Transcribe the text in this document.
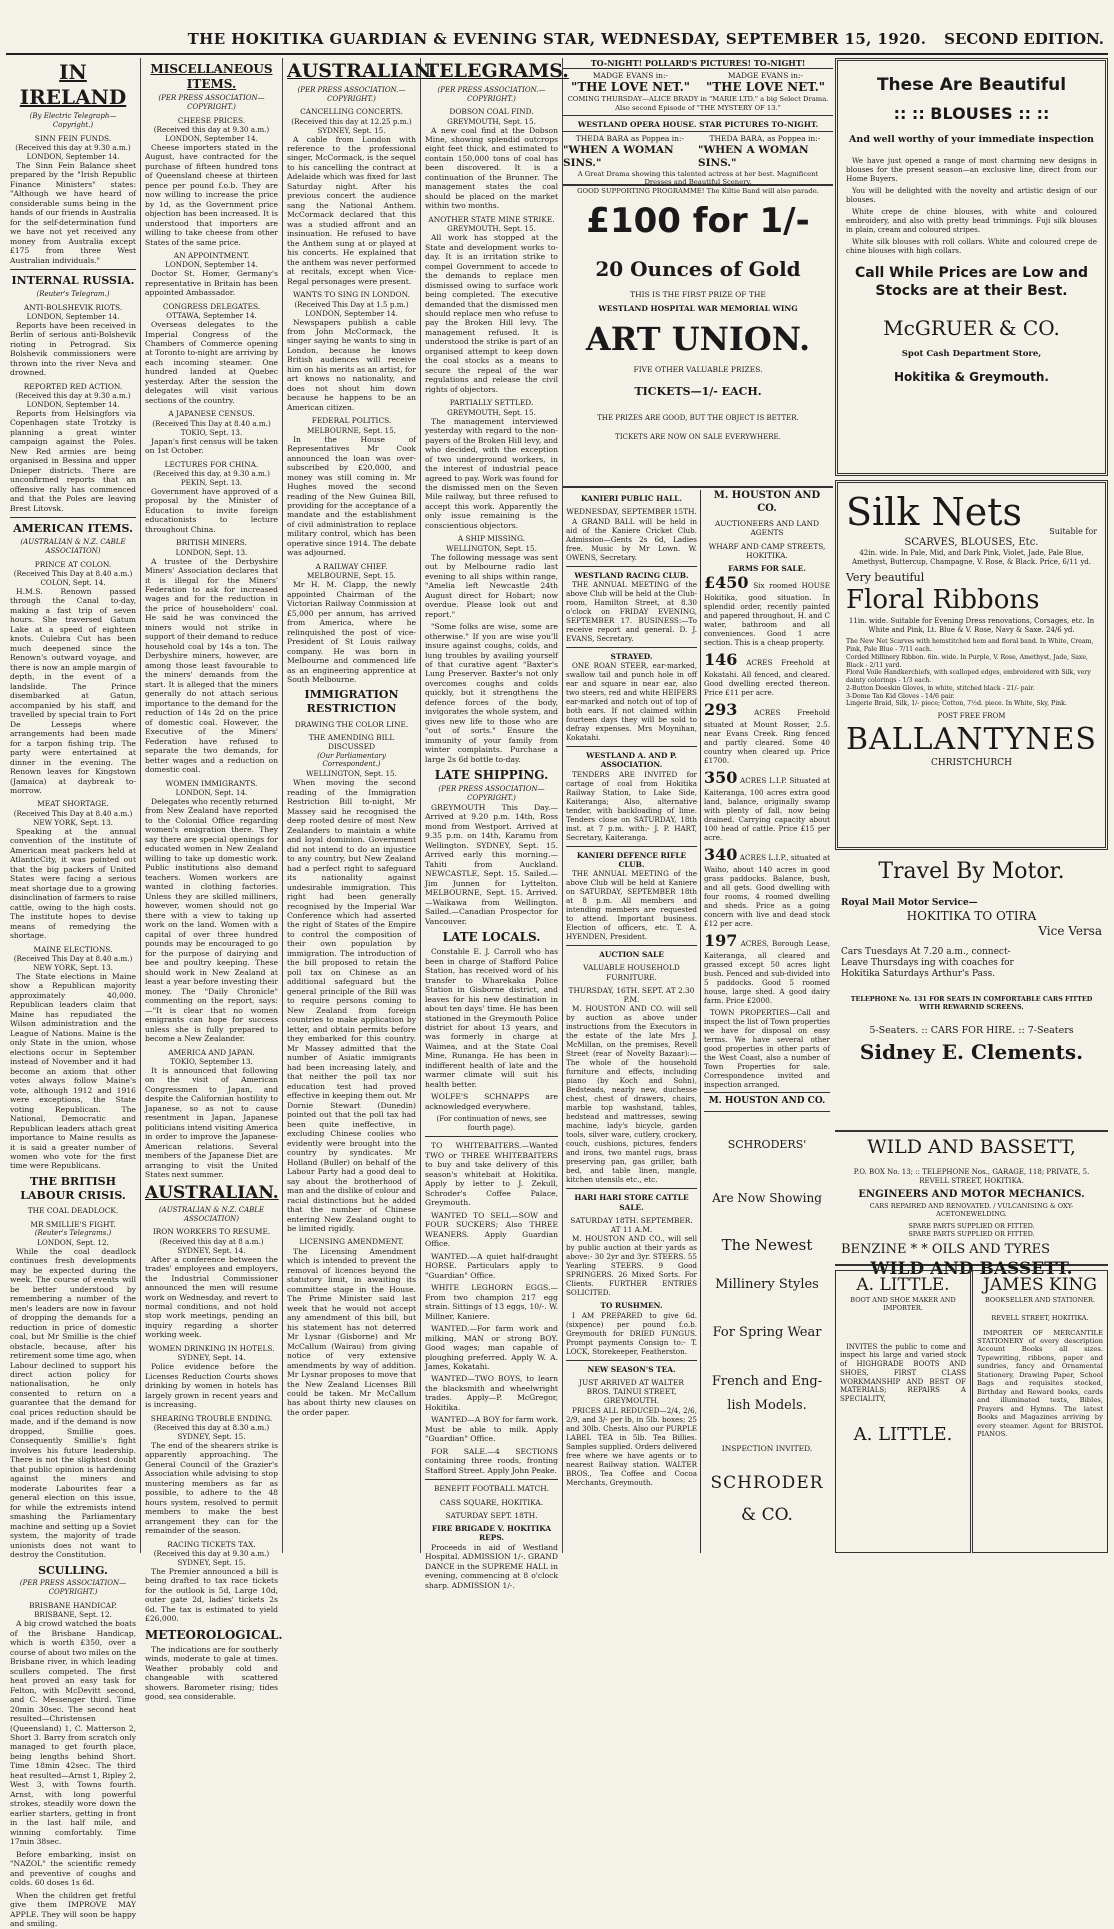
THE HOKITIKA GUARDIAN & EVENING STAR, WEDNESDAY, SEPTEMBER 15, 1920.	SECOND EDITION.
IN IRELAND
(By Electric Telegraph—Copyright.)
SINN FEIN FUNDS.
(Received this day at 9.30 a.m.)
LONDON, September 14.

The Sinn Fein Balance sheet prepared by the "Irish Republic Finance Ministers" states: "Although we have heard of considerable sums being in the hands of our friends in Australia for the self-determination fund we have not yet received any money from Australia except £175 from three West Australian individuals."

INTERNAL RUSSIA.
(Reuter's Telegram.)
ANTI-BOLSHEVIK RIOTS.
LONDON, September 14.

Reports have been received in Berlin of serious anti-Bolshevik rioting in Petrograd. Six Bolshevik commissioners were thrown into the river Neva and drowned.

REPORTED RED ACTION.
(Received this day at 9.30 a.m.)
LONDON, September 14.

Reports from Helsingfors via Copenhagen state Trotzky is planning a great winter campaign against the Poles. New Red armies are being organised in Bessina and upper Dnieper districts. There are unconfirmed reports that an offensive rally has commenced and that the Poles are leaving Brest Litovsk.

AMERICAN ITEMS.
(AUSTRALIAN & N.Z. CABLE ASSOCIATION)
PRINCE AT COLON.
(Received This Day at 8.40 a.m.)
COLON, Sept. 14.

H.M.S. Renown passed through the Canal to-day, making a fast trip of seven hours. She traversed Gatum Lake at a speed of eighteen knots. Culebra Cut has been much deepened since the Renown's outward voyage, and there is now an ample margin of depth, in the event of a landslide. The Prince disembarked at Gatun, accompanied by his staff, and travelled by special train to Fort De Lesseps where arrangements had been made for a tarpon fishing trip. The party were entertained at dinner in the evening. The Renown leaves for Kingstown (Jamaica) at daybreak to-morrow.

MEAT SHORTAGE.
(Received This Day at 8.40 a.m.)
NEW YORK, Sept. 13.

Speaking at the annual convention of the institute of American meat packers held at AtlanticCity, it was pointed out that the big packers of United States were facing a serious meat shortage due to a growing disinclination of farmers to raise cattle, owing to the high costs. The institute hopes to devise means of remedying the shortage.

MAINE ELECTIONS.
(Received This Day at 8.40 a.m.)
NEW YORK, Sept. 13.

The State elections in Maine show a Republican majority approximately 40,000. Republican leaders claim that Maine has repudiated the Wilson administration and the League of Nations. Maine is the only State in the union, whose elections occur in September instead of November and it had become an axiom that other votes always follow Maine's vote, although 1912 and 1916 were exceptions, the State voting Republican. The National, Democratic and Republican leaders attach great importance to Maine results as it is said a greater number of women who vote for the first time were Republicans.

THE BRITISH LABOUR CRISIS.
THE COAL DEADLOCK.
MR SMILLIE'S FIGHT.
(Reuter's Telegrams.)
LONDON, Sept. 12.

While the coal deadlock continues fresh developments may be expected during the week. The course of events will be better understood by remembering a number of the men's leaders are now in favour of dropping the demands for a reduction in price of domestic coal, but Mr Smillie is the chief obstacle, because, after his retirement some time ago, when Labour declined to support his direct action policy for nationalisation, he only consented to return on a guarantee that the demand for coal prices reduction should be made, and if the demand is now dropped, Smillie goes. Consequently Smillie's fight involves his future leadership. There is not the slightest doubt that public opinion is hardening against the miners and moderate Labourites fear a general election on this issue, for while the extremists intend smashing the Parliamentary machine and setting up a Soviet system, the majority of trade unionists does not want to destroy the Constitution.

SCULLING.
(PER PRESS ASSOCIATION—COPYRIGHT.)
BRISBANE HANDICAP.
BRISBANE, Sept. 12.

A big crowd watched the boats of the Brisbane Handicap, which is worth £350, over a course of about two miles on the Brisbane river, in which leading scullers competed. The first heat proved an easy task for Felton, with McDevitt second, and C. Messenger third. Time 20min 30sec. The second heat resulted—Christensen (Queensland) 1, C. Matterson 2, Short 3. Barry from scratch only managed to get fourth place, being lengths behind Short. Time 18min 42sec. The third heat resulted—Arnst 1, Ripley 2, West 3, with Towns fourth. Arnst, with long powerful strokes, steadily wore down the earlier starters, getting in front in the last half mile, and winning comfortably. Time 17min 38sec.

Before embarking, insist on "NAZOL" the scientific remedy and preventive of coughs and colds. 60 doses 1s 6d.

When the children get fretful give them IMPROVE MAY APPLE. They will soon be happy and smiling.

MISCELLANEOUS ITEMS.
(PER PRESS ASSOCIATION—COPYRIGHT.)
CHEESE PRICES.
(Received this day at 9.30 a.m.)
LONDON, September 14.

Cheese importers stated in the August, have contracted for the purchase of fifteen hundred tons of Queensland cheese at thirteen pence per pound f.o.b. They are now willing to increase the price by 1d, as the Government price objection has been increased. It is understood that importers are willing to take cheese from other States of the same price.

AN APPOINTMENT.
LONDON, September 14.

Doctor St. Homer, Germany's representative in Britain has been appointed Ambassador.

CONGRESS DELEGATES.
OTTAWA, September 14.

Overseas delegates to the Imperial Congress of the Chambers of Commerce opening at Toronto to-night are arriving by each incoming steamer. One hundred landed at Quebec yesterday. After the session the delegates will visit various sections of the country.

A JAPANESE CENSUS.
(Received This Day at 8.40 a.m.)
TOKIO, Sept. 13.

Japan's first census will be taken on 1st October.

LECTURES FOR CHINA.
(Received this day, at 9.30 a.m.)
PEKIN, Sept. 13.

Government have approved of a proposal by the Minister of Education to invite foreign educationists to lecture throughout China.

BRITISH MINERS.
LONDON, Sept. 13.

A trustee of the Derbyshire Miners' Association declares that it is illegal for the Miners' Federation to ask for increased wages and for the reduction in the price of householders' coal. He said he was convinced the miners would not strike in support of their demand to reduce household coal by 14s a ton. The Derbyshire miners, however, are among those least favourable to the miners' demands from the start. It is alleged that the miners generally do not attach serious importance to the demand for the reduction of 14s 2d on the price of domestic coal. However, the Executive of the Miners' Federation have refused to separate the two demands, for better wages and a reduction on domestic coal.

WOMEN IMMIGRANTS.
LONDON, Sept. 14.

Delegates who recently returned from New Zealand have reported to the Colonial Office regarding women's emigration there. They say there are special openings for educated women in New Zealand willing to take up domestic work. Public institutions also demand teachers. Women workers are wanted in clothing factories. Unless they are skilled milliners, however, women should not go there with a view to taking up work on the land. Women with a capital of over three hundred pounds may be encouraged to go for the purpose of dairying and bee and poultry keeping. These should work in New Zealand at least a year before investing their money. The "Daily Chronicle" commenting on the report, says:—"It is clear that no women emigrants can hope for success unless she is fully prepared to become a New Zealander.

AMERICA AND JAPAN.
TOKIO, September 13.

It is announced that following on the visit of American Congressmen to Japan, and despite the Californian hostility to Japanese, so as not to cause resentment in Japan, Japanese politicians intend visiting America in order to improve the Japanese-American relations. Several members of the Japanese Diet are arranging to visit the United States next summer.

AUSTRALIAN.
(AUSTRALIAN & N.Z. CABLE ASSOCIATION)
IRON WORKERS TO RESUME.
(Received this day at 8 a.m.)
SYDNEY, Sept. 14.

After a conference between the trades' employees and employers, the Industrial Commissioner announced the men will resume work on Wednesday, and revert to normal conditions, and not hold stop work meetings, pending an inquiry regarding a shorter working week.

WOMEN DRINKING IN HOTELS.
SYDNEY, Sept. 14.

Police evidence before the Licenses Reduction Courts shows drinking by women in hotels has largely grown in recent years and is increasing.

SHEARING TROUBLE ENDING.
(Received this day at 8.30 a.m.)
SYDNEY, Sept. 15.

The end of the shearers strike is apparently approaching. The General Council of the Grazier's Association while advising to stop mustering members as far as possible, to adhere to the 48 hours system, resolved to permit members to make the best arrangement they can for the remainder of the season.

RACING TICKETS TAX.
(Received this day at 9.30 a.m.)
SYDNEY, Sept. 15.

The Premier announced a bill is being drafted to tax race tickets for the outlook is 5d, Large 10d, outer gate 2d, ladies' tickets 2s 6d. The tax is estimated to yield £26,000.

METEOROLOGICAL.

The indications are for southerly winds, moderate to gale at times. Weather probably cold and changeable with scattered showers. Barometer rising; tides good, sea considerable.

AUSTRALIAN.
(PER PRESS ASSOCIATION.—COPYRIGHT.)
CANCELLING CONCERTS.
(Received this day at 12.25 p.m.)
SYDNEY, Sept. 15.

A cable from London with reference to the professional singer, McCormack, is the sequel to his cancelling the contract at Adelaide which was fixed for last Saturday night. After his previous concert the audience sang the National Anthem. McCormack declared that this was a studied affront and an insinuation. He refused to have the Anthem sung at or played at his concerts. He explained that the anthem was never performed at recitals, except when Vice-Regal personages were present.

WANTS TO SING IN LONDON.
(Received This Day at 1.5 p.m.)
LONDON, September 14.

Newspapers publish a cable from John McCormack, the singer saying he wants to sing in London, because he knows British audiences will receive him on his merits as an artist, for art knows no nationality, and does not shout him down because he happens to be an American citizen.

FEDERAL POLITICS.
MELBOURNE, Sept. 15.

In the House of Representatives Mr Cook announced the loan was over-subscribed by £20,000, and money was still coming in. Mr Hughes moved the second reading of the New Guinea Bill, providing for the acceptance of a mandate and the establishment of civil administration to replace military control, which has been operative since 1914. The debate was adjourned.

A RAILWAY CHIEF.
MELBOURNE, Sept. 15.

Mr H. M. Clapp, the newly appointed Chairman of the Victorian Railway Commission at £5,000 per annum, has arrived from America, where he relinquished the post of vice-President of St Louis railway company. He was born in Melbourne and commenced life as an engineering apprentice at South Melbourne.

IMMIGRATION RESTRICTION
DRAWING THE COLOR LINE.
THE AMENDING BILL DISCUSSED
(Our Parliamentary Correspondent.)
WELLINGTON, Sept. 15.

When moving the second reading of the Immigration Restriction Bill to-night, Mr Massey said he recognised the deep rooted desire of most New Zealanders to maintain a white and loyal dominion. Government did not intend to do an injustice to any country, but New Zealand had a perfect right to safeguard its nationality against undesirable immigration. This right had been generally recognised by the Imperial War Conference which had asserted the right of States of the Empire to control the composition of their own population by immigration. The introduction of the bill proposed to retain the poll tax on Chinese as an additional safeguard but the general principle of the Bill was to require persons coming to New Zealand from foreign countries to make application by letter, and obtain permits before they embarked for this country. Mr Massey admitted that the number of Asiatic immigrants had been increasing lately, and that neither the poll tax nor education test had proved effective in keeping them out. Mr Dornie Stewart (Dunedin) pointed out that the poll tax had been quite ineffective, in excluding Chinese coolies who evidently were brought into the country by syndicates. Mr Holland (Buller) on behalf of the Labour Party had a good deal to say about the brotherhood of man and the dislike of colour and racial distinctions but he added that the number of Chinese entering New Zealand ought to be limited rigidly.

LICENSING AMENDMENT.

The Licensing Amendment which is intended to prevent the removal of licences beyond the statutory limit, in awaiting its committee stage in the House. The Prime Minister said last week that he would not accept any amendment of this bill, but his statement has not deterred Mr Lysnar (Gisborne) and Mr McCallum (Wairau) from giving notice of very extensive amendments by way of addition. Mr Lysnar proposes to move that the New Zealand Licenses Bill could be taken. Mr McCallum has about thirty new clauses on the order paper.

TELEGRAMS.
(PER PRESS ASSOCIATION.—COPYRIGHT.)
DOBSON COAL FIND.
GREYMOUTH, Sept. 15.

A new coal find at the Dobson Mine, showing splendid outcrops eight feet thick, and estimated to contain 150,000 tons of coal has been discovered. It is a continuation of the Brunner. The management states the coal should be placed on the market within two months.

ANOTHER STATE MINE STRIKE.
GREYMOUTH, Sept. 15.

All work has stopped at the State and development works to-day. It is an irritation strike to compel Government to accede to the demands to replace men dismissed owing to surface work being completed. The executive demanded that the dismissed men should replace men who refuse to pay the Broken Hill levy. The management refused. It is understood the strike is part of an organised attempt to keep down the coal stocks as a means to secure the repeal of the war regulations and release the civil rights of objectors.

PARTIALLY SETTLED.
GREYMOUTH, Sept. 15.

The management interviewed yesterday with regard to the non-payers of the Broken Hill levy, and who decided, with the exception of two underground workers, in the interest of industrial peace agreed to pay. Work was found for the dismissed men on the Seven Mile railway, but three refused to accept this work. Apparently the only issue remaining is the conscientious objectors.

A SHIP MISSING.
WELLINGTON, Sept. 15.

The following message was sent out by Melbourne radio last evening to all ships within range, "Amelia left Newcastle 24th August direct for Hobart; now overdue. Please look out and report."

"Some folks are wise, some are otherwise." If you are wise you'll insure against coughs, colds, and lung troubles by availing yourself of that curative agent "Baxter's Lung Preserver. Baxter's not only overcomes coughs and colds quickly, but it strengthens the defence forces of the body, invigorates the whole system, and gives new life to those who are "out of sorts." Ensure the immunity of your family from winter complaints. Purchase a large 2s 6d bottle to-day.

LATE SHIPPING.
(PER PRESS ASSOCIATION—COPYRIGHT.)

GREYMOUTH This Day.—Arrived at 9.20 p.m. 14th, Ross mond from Westport. Arrived at 9.35 p.m. on 14th, Karamu from Wellington. SYDNEY, Sept. 15. Arrived early this morning.—Tahiti from Auckland. NEWCASTLE, Sept. 15. Sailed.—Jim Junnen for Lyttelton. MELBOURNE, Sept. 15. Arrived.—Waikawa from Wellington. Sailed.—Canadian Prospector for Vancouver.

LATE LOCALS.

Constable E. J. Carroll who has been in charge of Stafford Police Station, has received word of his transfer to Wharekaka Police Station in Gisborne district, and leaves for his new destination in about ten days' time. He has been stationed in the Greymouth Police district for about 13 years, and was formerly in charge at Waimea, and at the State Coal Mine, Runanga. He has been in indifferent health of late and the warmer climate will suit his health better.

WOLFE'S SCHNAPPS are acknowledged everywhere.

(For continuation of news, see fourth page).

TO WHITEBAITERS.—Wanted TWO or THREE WHITEBAITERS to buy and take delivery of this season's whitebait at Hokitika. Apply by letter to J. Zekull, Schroder's Coffee Palace, Greymouth.

WANTED TO SELL—SOW and FOUR SUCKERS; Also THREE WEANERS. Apply Guardian Office.

WANTED.—A quiet half-draught HORSE. Particulars apply to "Guardian" Office.

WHITE LEGHORN EGGS.—From two champion 217 egg strain. Sittings of 13 eggs, 10/-. W. Millner, Kaniere.

WANTED.—For farm work and milking, MAN or strong BOY. Good wages; man capable of ploughing preferred. Apply W. A. James, Kokatahi.

WANTED—TWO BOYS, to learn the blacksmith and wheelwright trades. Apply—P. McGregor, Hokitika.

WANTED—A BOY for farm work. Must be able to milk. Apply "Guardian" Office.

FOR SALE.—4 SECTIONS containing three roods, fronting Stafford Street. Apply John Peake.

BENEFIT FOOTBALL MATCH.
CASS SQUARE, HOKITIKA.
SATURDAY SEPT. 18TH.
FIRE BRIGADE V. HOKITIKA REPS.

Proceeds in aid of Westland Hospital. ADMISSION 1/-. GRAND DANCE in the SUPREME HALL in evening, commencing at 8 o'clock sharp. ADMISSION 1/-.

TO-NIGHT! POLLARD'S PICTURES! TO-NIGHT!
MADGE EVANS in:-	MADGE EVANS in:-
"THE LOVE NET." "THE LOVE NET."
COMING THURSDAY—ALICE BRADY in "MARIE LTD." a big Select Drama. Also second Episode of "THE MYSTERY OF 13."
WESTLAND OPERA HOUSE. STAR PICTURES TO-NIGHT.
THEDA BARA as Poppea in:-	THEDA BARA, as Poppea in:-
"WHEN A WOMAN SINS."
"WHEN A WOMAN SINS."
A Great Drama showing this talented actress at her best. Magnificent Dresses and Beautiful Scenery.
GOOD SUPPORTING PROGRAMME! The Kiltie Band will also parade.
£100 for 1/-
20 Ounces of Gold
THIS IS THE FIRST PRIZE OF THE
WESTLAND HOSPITAL WAR MEMORIAL WING
ART UNION.
FIVE OTHER VALUABLE PRIZES.
TICKETS—1/- EACH.
THE PRIZES ARE GOOD, BUT THE OBJECT IS BETTER.
TICKETS ARE NOW ON SALE EVERYWHERE.
KANIERI PUBLIC HALL.
WEDNESDAY, SEPTEMBER 15TH.

A GRAND BALL will be held in aid of the Kaniere Cricket Club. Admission—Gents 2s 6d, Ladies free. Music by Mr Lown. W. OWENS, Secretary.

WESTLAND RACING CLUB.

THE ANNUAL MEETING of the above Club will be held at the Club-room, Hamilton Street, at 8.30 o'clock on FRIDAY EVENING, SEPTEMBER 17. BUSINESS:—To receive report and general. D. J. EVANS, Secretary.

STRAYED.

ONE ROAN STEER, ear-marked, swallow tail and punch hole in off ear and square in near ear, also two steers, red and white HEIFERS ear-marked and notch out of top of both ears. If not claimed within fourteen days they will be sold to defray expenses. Mrs Moynihan, Kokatahi.

WESTLAND A. AND P. ASSOCIATION.

TENDERS ARE INVITED for cartage of coal from Hokitika Railway Station, to Lake Side, Kaiteranga; Also, alternative tender, with backloading of lime. Tenders close on SATURDAY, 18th inst. at 7 p.m. with:- J. P. HART, Secretary, Kaiteranga.

KANIERI DEFENCE RIFLE CLUB.

THE ANNUAL MEETING of the above Club will be held at Kaniere on SATURDAY, SEPTEMBER 18th at 8 p.m. All members and intending members are requested to attend. Important business. Election of officers, etc. T. A. HYENDEN, President.

AUCTION SALE
VALUABLE HOUSEHOLD FURNITURE.
THURSDAY, 16TH. SEPT. AT 2.30 P.M.

M. HOUSTON AND CO. will sell by auction as above under instructions from the Executors in the estate of the late Mrs J. McMillan, on the premises, Revell Street (rear of Novelty Bazaar):— The whole of the household furniture and effects, including piano (by Koch and Sohn), Bedsteads, nearly new, duchesse chest, chest of drawers, chairs, marble top washstand, tables, bedstead and mattresses, sewing machine, lady's bicycle, garden tools, silver ware, cutlery, crockery, couch, cushions, pictures, fenders and irons, two mantel rugs, brass preserving pan, gas griller, bath bed, and table linen, mangle, kitchen utensils etc., etc.

HARI HARI STORE CATTLE SALE.
SATURDAY 18TH. SEPTEMBER. AT 11 A.M.

M. HOUSTON AND CO., will sell by public auction at their yards as above:- 30 2yr and 3yr. STEERS. 55 Yearling STEERS. 9 Good SPRINGERS. 26 Mixed Sorts. For Clients. FURTHER ENTRIES SOLICITED.

TO RUSHMEN.

I AM PREPARED to give 6d. (sixpence) per pound f.o.b. Greymouth for DRIED FUNGUS. Prompt payments Consign to:- T. LOCK, Storekeeper, Featherston.

NEW SEASON'S TEA.
JUST ARRIVED AT WALTER BROS. TAINUI STREET, GREYMOUTH.

PRICES ALL REDUCED—2/4, 2/6, 2/9, and 3/- per lb, in 5lb. boxes; 25 and 30lb. Chests. Also our PURPLE LABEL TEA in 5lb. Tea Billies. Samples supplied. Orders delivered free where we have agents or to nearest Railway station. WALTER BROS., Tea Coffee and Cocoa Merchants, Greymouth.

M. HOUSTON AND CO.
AUCTIONEERS AND LAND AGENTS
WHARF AND CAMP STREETS, HOKITIKA.
FARMS FOR SALE.

£450 Six roomed HOUSE Hokitika, good situation. In splendid order, recently painted and papered throughout, H. and C water, bathroom and all conveniences. Good 1 acre section. This is a cheap property.

146 ACRES Freehold at Kokatahi. All fenced, and cleared. Good dwelling erected thereon. Price £11 per acre.

293 ACRES Freehold situated at Mount Rosser, 2.5. near Evans Creek. Ring fenced and partly cleared. Some 40 country when cleared up. Price £1700.

350 ACRES L.I.P. Situated at Kaiteranga, 100 acres extra good land, balance, originally swamp with plenty of fall, now being drained. Carrying capacity about 100 head of cattle. Price £15 per acre.

340 ACRES L.I.P., situated at Waiho, about 140 acres in good grass paddocks. Balance, bush, and all gets. Good dwelling with four rooms, 4 roomed dwelling and sheds. Price as a going concern with live and dead stock £12 per acre.

197 ACRES, Borough Lease, Kaiteranga, all cleared and grassed except 50 acres light bush. Fenced and sub-divided into 5 paddocks. Good 5 roomed house, large shed. A good dairy farm. Price £2000.

TOWN PROPERTIES—Call and inspect the list of Town properties we have for disposal on easy terms. We have several other good properties in other parts of the West Coast, also a number of Town Properties for sale. Correspondence invited and inspection arranged.

M. HOUSTON AND CO.
SCHRODERS'
Are Now Showing
The Newest
Millinery Styles
For Spring Wear
French and Eng-
lish Models.
INSPECTION INVITED.
SCHRODER
& CO.
These Are Beautiful
:: :: BLOUSES :: ::
And well worthy of your immediate inspection

We have just opened a range of most charming new designs in blouses for the present season—an exclusive line, direct from our Home Buyers.

You will be delighted with the novelty and artistic design of our blouses.

White crepe de chine blouses, with white and coloured embroidery, and also with pretty bead trimmings. Fuji silk blouses in plain, cream and coloured stripes.

White silk blouses with roll collars. White and coloured crepe de chine blouses with high collars.

Call While Prices are Low and Stocks are at their Best.
McGRUER & CO.
Spot Cash Department Store,
Hokitika & Greymouth.
Silk Nets	Suitable for
SCARVES, BLOUSES, Etc.
42in. wide. In Pale, Mid, and Dark Pink, Violet, Jade, Pale Blue, Amethyst, Buttercup, Champagne, V. Rose, & Black. Price, 6/11 yd.
Very beautiful
Floral Ribbons
11in. wide. Suitable for Evening Dress renovations, Corsages, etc. In White and Pink, Lt. Blue & V. Rose, Navy & Saxe. 24/6 yd.
The New Net Scarves with hemstitched hem and floral band. In White, Cream, Pink, Pale Blue - 7/11 each.
Corded Millinery Ribbon. 6in. wide. In Purple, V. Rose, Amethyst, Jade, Saxe, Black - 2/11 yard.
Floral Voile Handkerchiefs, with scalloped edges, embroidered with Silk, very dainty colorings - 1/3 each.
2-Button Doeskin Gloves, in white, stitched black - 21/- pair.
3-Dome Tan Kid Gloves - 14/6 pair.
Lingerie Braid, Silk, 1/- piece; Cotton, 7½d. piece. In White, Sky, Pink.
POST FREE FROM
BALLANTYNES
CHRISTCHURCH
Travel By Motor.
Royal Mail Motor Service—
HOKITIKA TO OTIRA
Vice Versa
Cars Tuesdays At 7.20 a.m., connect-
Leave Thursdays ing with coaches for
Hokitika Saturdays Arthur's Pass.
TELEPHONE No. 131 FOR SEATS IN COMFORTABLE CARS FITTED WITH REWARNID SCREENS.
5-Seaters. :: CARS FOR HIRE. :: 7-Seaters
Sidney E. Clements.
WILD AND BASSETT,
P.O. BOX No. 13; :: TELEPHONE Nos., GARAGE, 118; PRIVATE, 5. REVELL STREET, HOKITIKA.
ENGINEERS AND MOTOR MECHANICS.
CARS REPAIRED AND RENOVATED. / VULCANISING & OXY-ACETONEWELDING.
SPARE PARTS SUPPLIED OR FITTED.
SPARE PARTS SUPPLIED OR FITTED.
BENZINE * * OILS AND TYRES
WILD AND BASSETT.
A. LITTLE.
BOOT AND SHOE MAKER AND IMPORTER.

INVITES the public to come and inspect his large and varied stock of HIGHGRADE BOOTS AND SHOES, FIRST CLASS WORKMANSHIP AND BEST OF MATERIALS; REPAIRS A SPECIALITY,

A. LITTLE.
JAMES KING
BOOKSELLER AND STATIONER.
REVELL STREET, HOKITIKA.

IMPORTER OF MERCANTILE STATIONERY of every description Account Books all sizes. Typewriting, ribbons, paper and sundries, fancy and Ornamental Stationery, Drawing Paper, School Bags and requisites stocked, Birthday and Reward books, cards and illuminated texts, Bibles, Prayers and Hymns. The latest Books and Magazines arriving by every steamer. Agent for BRISTOL PIANOS.
